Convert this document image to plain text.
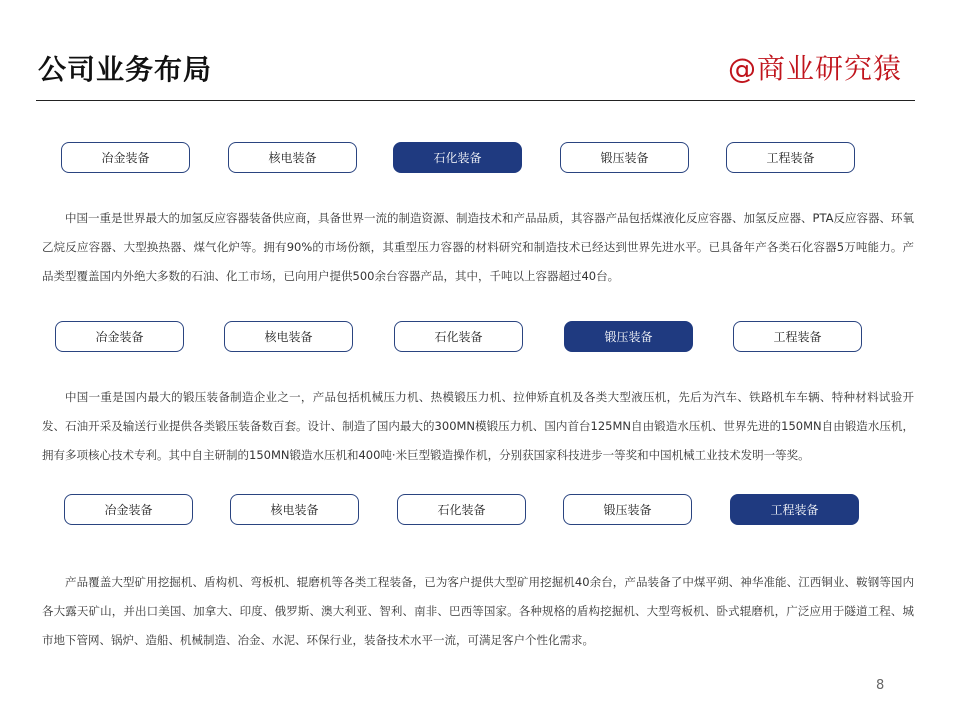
公司业务布局	@商业研究猿
冶金装备	核电装备	石化装备	锻压装备	工程装备

中国一重是世界最大的加氢反应容器装备供应商，具备世界一流的制造资源、制造技术和产品品质，其容器产品包括煤液化反应容器、加氢反应器、PTA反应容器、环氧乙烷反应容器、大型换热器、煤气化炉等。拥有90%的市场份额，其重型压力容器的材料研究和制造技术已经达到世界先进水平。已具备年产各类石化容器5万吨能力。产品类型覆盖国内外绝大多数的石油、化工市场，已向用户提供500余台容器产品，其中，千吨以上容器超过40台。

冶金装备	核电装备	石化装备	锻压装备	工程装备

中国一重是国内最大的锻压装备制造企业之一，产品包括机械压力机、热模锻压力机、拉伸矫直机及各类大型液压机，先后为汽车、铁路机车车辆、特种材料试验开发、石油开采及输送行业提供各类锻压装备数百套。设计、制造了国内最大的300MN模锻压力机、国内首台125MN自由锻造水压机、世界先进的150MN自由锻造水压机，拥有多项核心技术专利。其中自主研制的150MN锻造水压机和400吨·米巨型锻造操作机，分别获国家科技进步一等奖和中国机械工业技术发明一等奖。

冶金装备	核电装备	石化装备	锻压装备	工程装备

产品覆盖大型矿用挖掘机、盾构机、弯板机、辊磨机等各类工程装备，已为客户提供大型矿用挖掘机40余台，产品装备了中煤平朔、神华准能、江西铜业、鞍钢等国内各大露天矿山，并出口美国、加拿大、印度、俄罗斯、澳大利亚、智利、南非、巴西等国家。各种规格的盾构挖掘机、大型弯板机、卧式辊磨机，广泛应用于隧道工程、城市地下管网、锅炉、造船、机械制造、冶金、水泥、环保行业，装备技术水平一流，可满足客户个性化需求。

8
